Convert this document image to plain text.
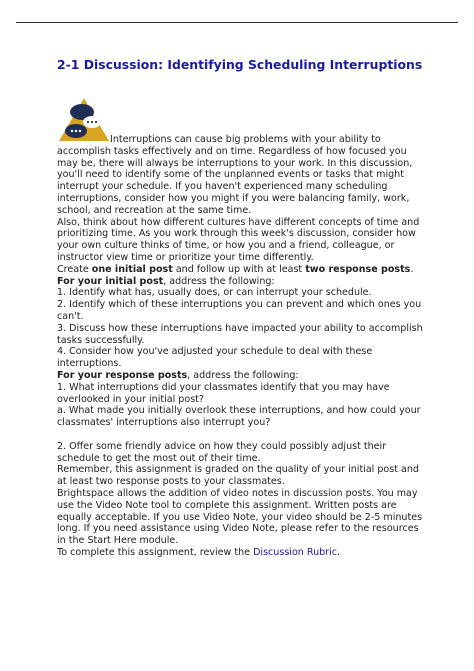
2-1 Discussion: Identifying Scheduling Interruptions

Interruptions can cause big problems with your ability to accomplish tasks effectively and on time. Regardless of how focused you may be, there will always be interruptions to your work. In this discussion, you'll need to identify some of the unplanned events or tasks that might interrupt your schedule. If you haven't experienced many scheduling interruptions, consider how you might if you were balancing family, work, school, and recreation at the same time.

Also, think about how different cultures have different concepts of time and prioritizing time. As you work through this week's discussion, consider how your own culture thinks of time, or how you and a friend, colleague, or instructor view time or prioritize your time differently.

Create one initial post and follow up with at least two response posts.

For your initial post, address the following:

1. Identify what has, usually does, or can interrupt your schedule.

2. Identify which of these interruptions you can prevent and which ones you can't.

3. Discuss how these interruptions have impacted your ability to accomplish tasks successfully.

4. Consider how you've adjusted your schedule to deal with these interruptions.

For your response posts, address the following:

1. What interruptions did your classmates identify that you may have overlooked in your initial post?

a. What made you initially overlook these interruptions, and how could your classmates' interruptions also interrupt you?

2. Offer some friendly advice on how they could possibly adjust their schedule to get the most out of their time.

Remember, this assignment is graded on the quality of your initial post and at least two response posts to your classmates.

Brightspace allows the addition of video notes in discussion posts. You may use the Video Note tool to complete this assignment. Written posts are equally acceptable. If you use Video Note, your video should be 2-5 minutes long. If you need assistance using Video Note, please refer to the resources in the Start Here module.

To complete this assignment, review the Discussion Rubric.
